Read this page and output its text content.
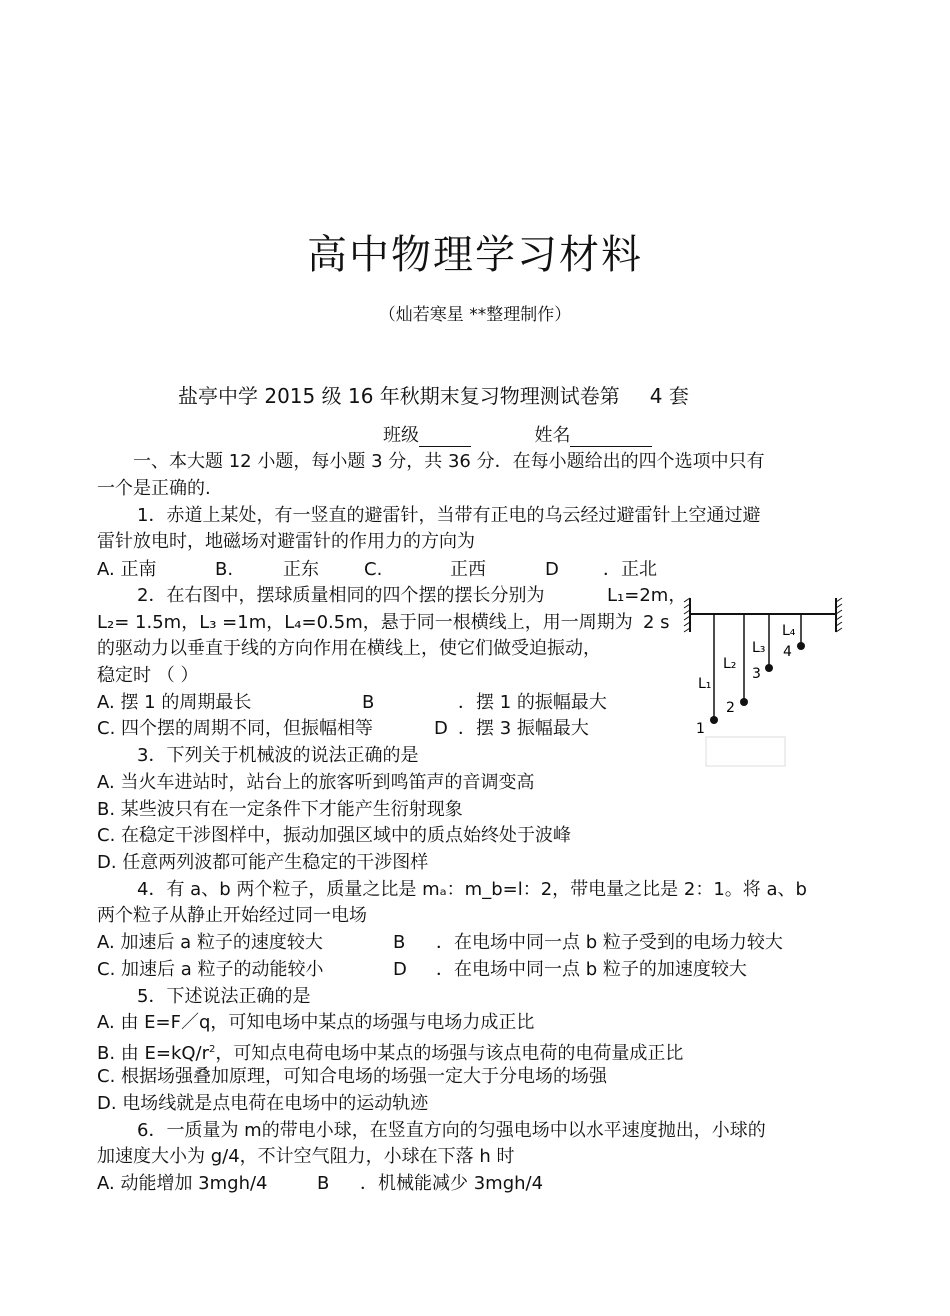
高中物理学习材料
（灿若寒星 **整理制作）
盐亭中学 2015 级 16 年秋期末复习物理测试卷第 4 套
班级	姓名
一、本大题 12 小题，每小题 3 分，共 36 分．在每小题给出的四个选项中只有
一个是正确的.
1．赤道上某处，有一竖直的避雷针，当带有正电的乌云经过避雷针上空通过避
雷针放电时，地磁场对避雷针的作用力的方向为
A. 正南	B.	正东	C.	正西	D ．正北
2．在右图中，摆球质量相同的四个摆的摆长分别为	L₁=2m，
L₂= 1.5m，L₃ =1m，L₄=0.5m，悬于同一根横线上，用一周期为 2 s
的驱动力以垂直于线的方向作用在横线上，使它们做受迫振动，
稳定时 （ ）
A. 摆 1 的周期最长	B	．摆 1 的振幅最大
C. 四个摆的周期不同，但振幅相等	D ．摆 3 振幅最大
L₁
L₂
L₃
L₄
1
2
3
4
3．下列关于机械波的说法正确的是
A. 当火车进站时，站台上的旅客听到鸣笛声的音调变高
B. 某些波只有在一定条件下才能产生衍射现象
C. 在稳定干涉图样中，振动加强区域中的质点始终处于波峰
D. 任意两列波都可能产生稳定的干涉图样
4．有 a、b 两个粒子，质量之比是 mₐ：m_b=l：2，带电量之比是 2：1。将 a、b
两个粒子从静止开始经过同一电场
A. 加速后 a 粒子的速度较大	B ．在电场中同一点 b 粒子受到的电场力较大
C. 加速后 a 粒子的动能较小	D ．在电场中同一点 b 粒子的加速度较大
5．下述说法正确的是
A. 由 E=F／q，可知电场中某点的场强与电场力成正比
B. 由 $E=kQ/r^2$，可知点电荷电场中某点的场强与该点电荷的电荷量成正比
C. 根据场强叠加原理，可知合电场的场强一定大于分电场的场强
D. 电场线就是点电荷在电场中的运动轨迹
6．一质量为 m的带电小球，在竖直方向的匀强电场中以水平速度抛出，小球的
加速度大小为 g/4，不计空气阻力，小球在下落 h 时
A. 动能增加 3mgh/4	B ．机械能减少 3mgh/4
